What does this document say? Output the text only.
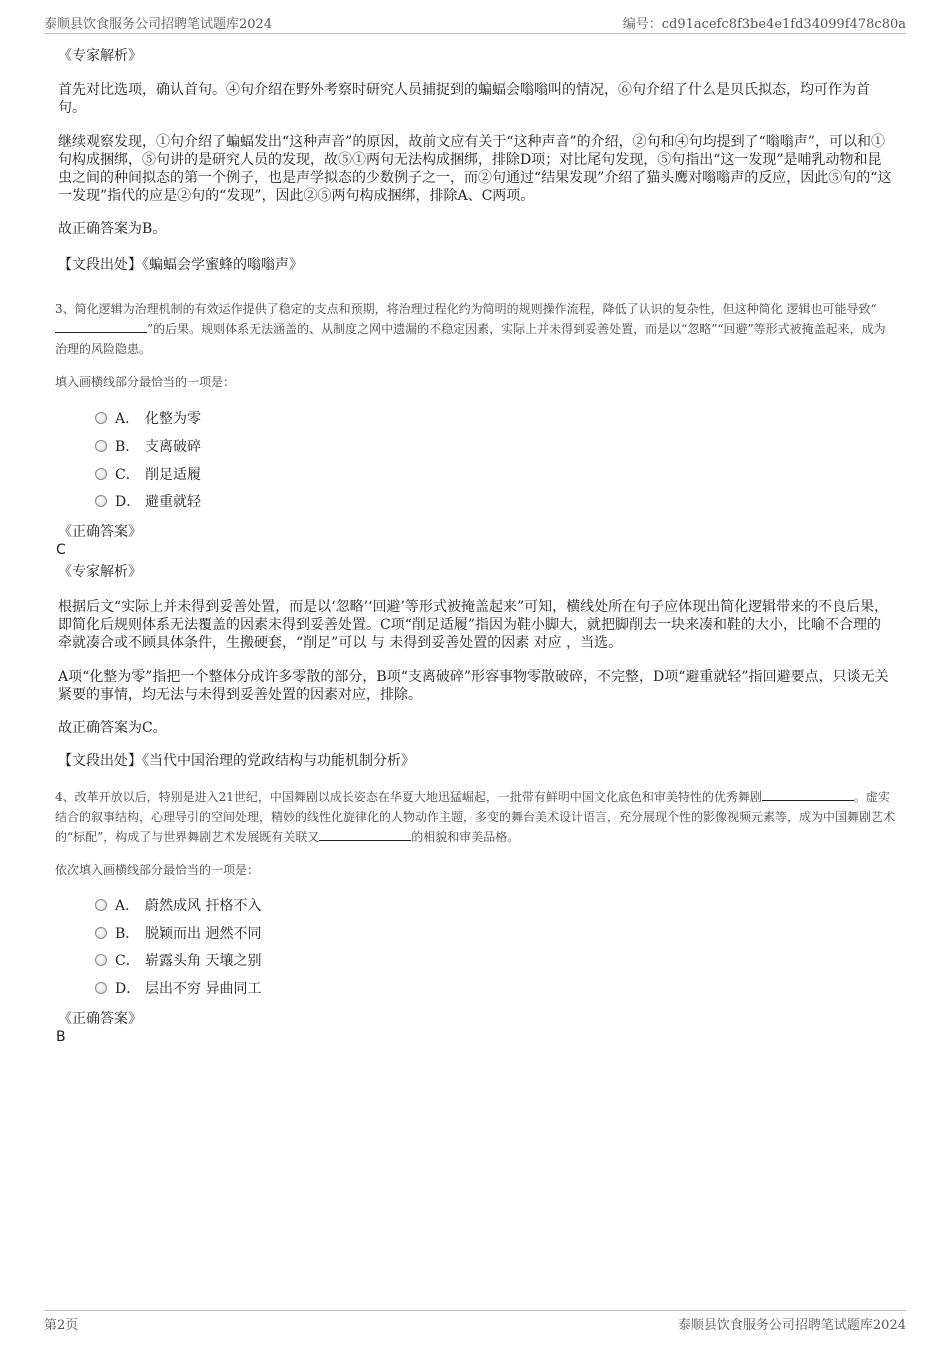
泰顺县饮食服务公司招聘笔试题库2024	编号：cd91acefc8f3be4e1fd34099f478c80a
《专家解析》
首先对比选项，确认首句。④句介绍在野外考察时研究人员捕捉到的蝙蝠会嗡嗡叫的情况，⑥句介绍了什么是贝氏拟态，均可作为首句。
继续观察发现，①句介绍了蝙蝠发出“这种声音”的原因，故前文应有关于“这种声音”的介绍，②句和④句均提到了“嗡嗡声”，可以和①句构成捆绑，⑤句讲的是研究人员的发现，故⑤①两句无法构成捆绑，排除D项；对比尾句发现，⑤句指出“这一发现”是哺乳动物和昆虫之间的种间拟态的第一个例子，也是声学拟态的少数例子之一，而②句通过“结果发现”介绍了猫头鹰对嗡嗡声的反应，因此⑤句的“这一发现”指代的应是②句的“发现”，因此②⑤两句构成捆绑，排除A、C两项。
故正确答案为B。
【文段出处】《蝙蝠会学蜜蜂的嗡嗡声》
3、简化逻辑为治理机制的有效运作提供了稳定的支点和预期，将治理过程化约为简明的规则操作流程，降低了认识的复杂性，但这种简化 逻辑也可能导致“”的后果。规则体系无法涵盖的、从制度之网中遗漏的不稳定因素，实际上并未得到妥善处置，而是以“忽略”“回避”等形式被掩盖起来，成为治理的风险隐患。
填入画横线部分最恰当的一项是：
A． 化整为零
B． 支离破碎
C． 削足适履
D． 避重就轻
《正确答案》
C
《专家解析》
根据后文“实际上并未得到妥善处置，而是以‘忽略’‘回避’等形式被掩盖起来”可知，横线处所在句子应体现出简化逻辑带来的不良后果，即简化后规则体系无法覆盖的因素未得到妥善处置。C项“削足适履”指因为鞋小脚大，就把脚削去一块来凑和鞋的大小，比喻不合理的牵就凑合或不顾具体条件，生搬硬套，“削足”可以 与 未得到妥善处置的因素 对应 ，当选。
A项“化整为零”指把一个整体分成许多零散的部分，B项“支离破碎”形容事物零散破碎，不完整，D项“避重就轻”指回避要点，只谈无关紧要的事情，均无法与未得到妥善处置的因素对应，排除。
故正确答案为C。
【文段出处】《当代中国治理的党政结构与功能机制分析》
4、改革开放以后，特别是进入21世纪，中国舞剧以成长姿态在华夏大地迅猛崛起，一批带有鲜明中国文化底色和审美特性的优秀舞剧	。虚实结合的叙事结构，心理导引的空间处理，精妙的线性化旋律化的人物动作主题，多变的舞台美术设计语言，充分展现个性的影像视频元素等，成为中国舞剧艺术的“标配”，构成了与世界舞剧艺术发展既有关联又	的相貌和审美品格。
依次填入画横线部分最恰当的一项是：
A． 蔚然成风 扞格不入
B． 脱颖而出 迥然不同
C． 崭露头角 天壤之别
D． 层出不穷 异曲同工
《正确答案》
B
第2页	泰顺县饮食服务公司招聘笔试题库2024
